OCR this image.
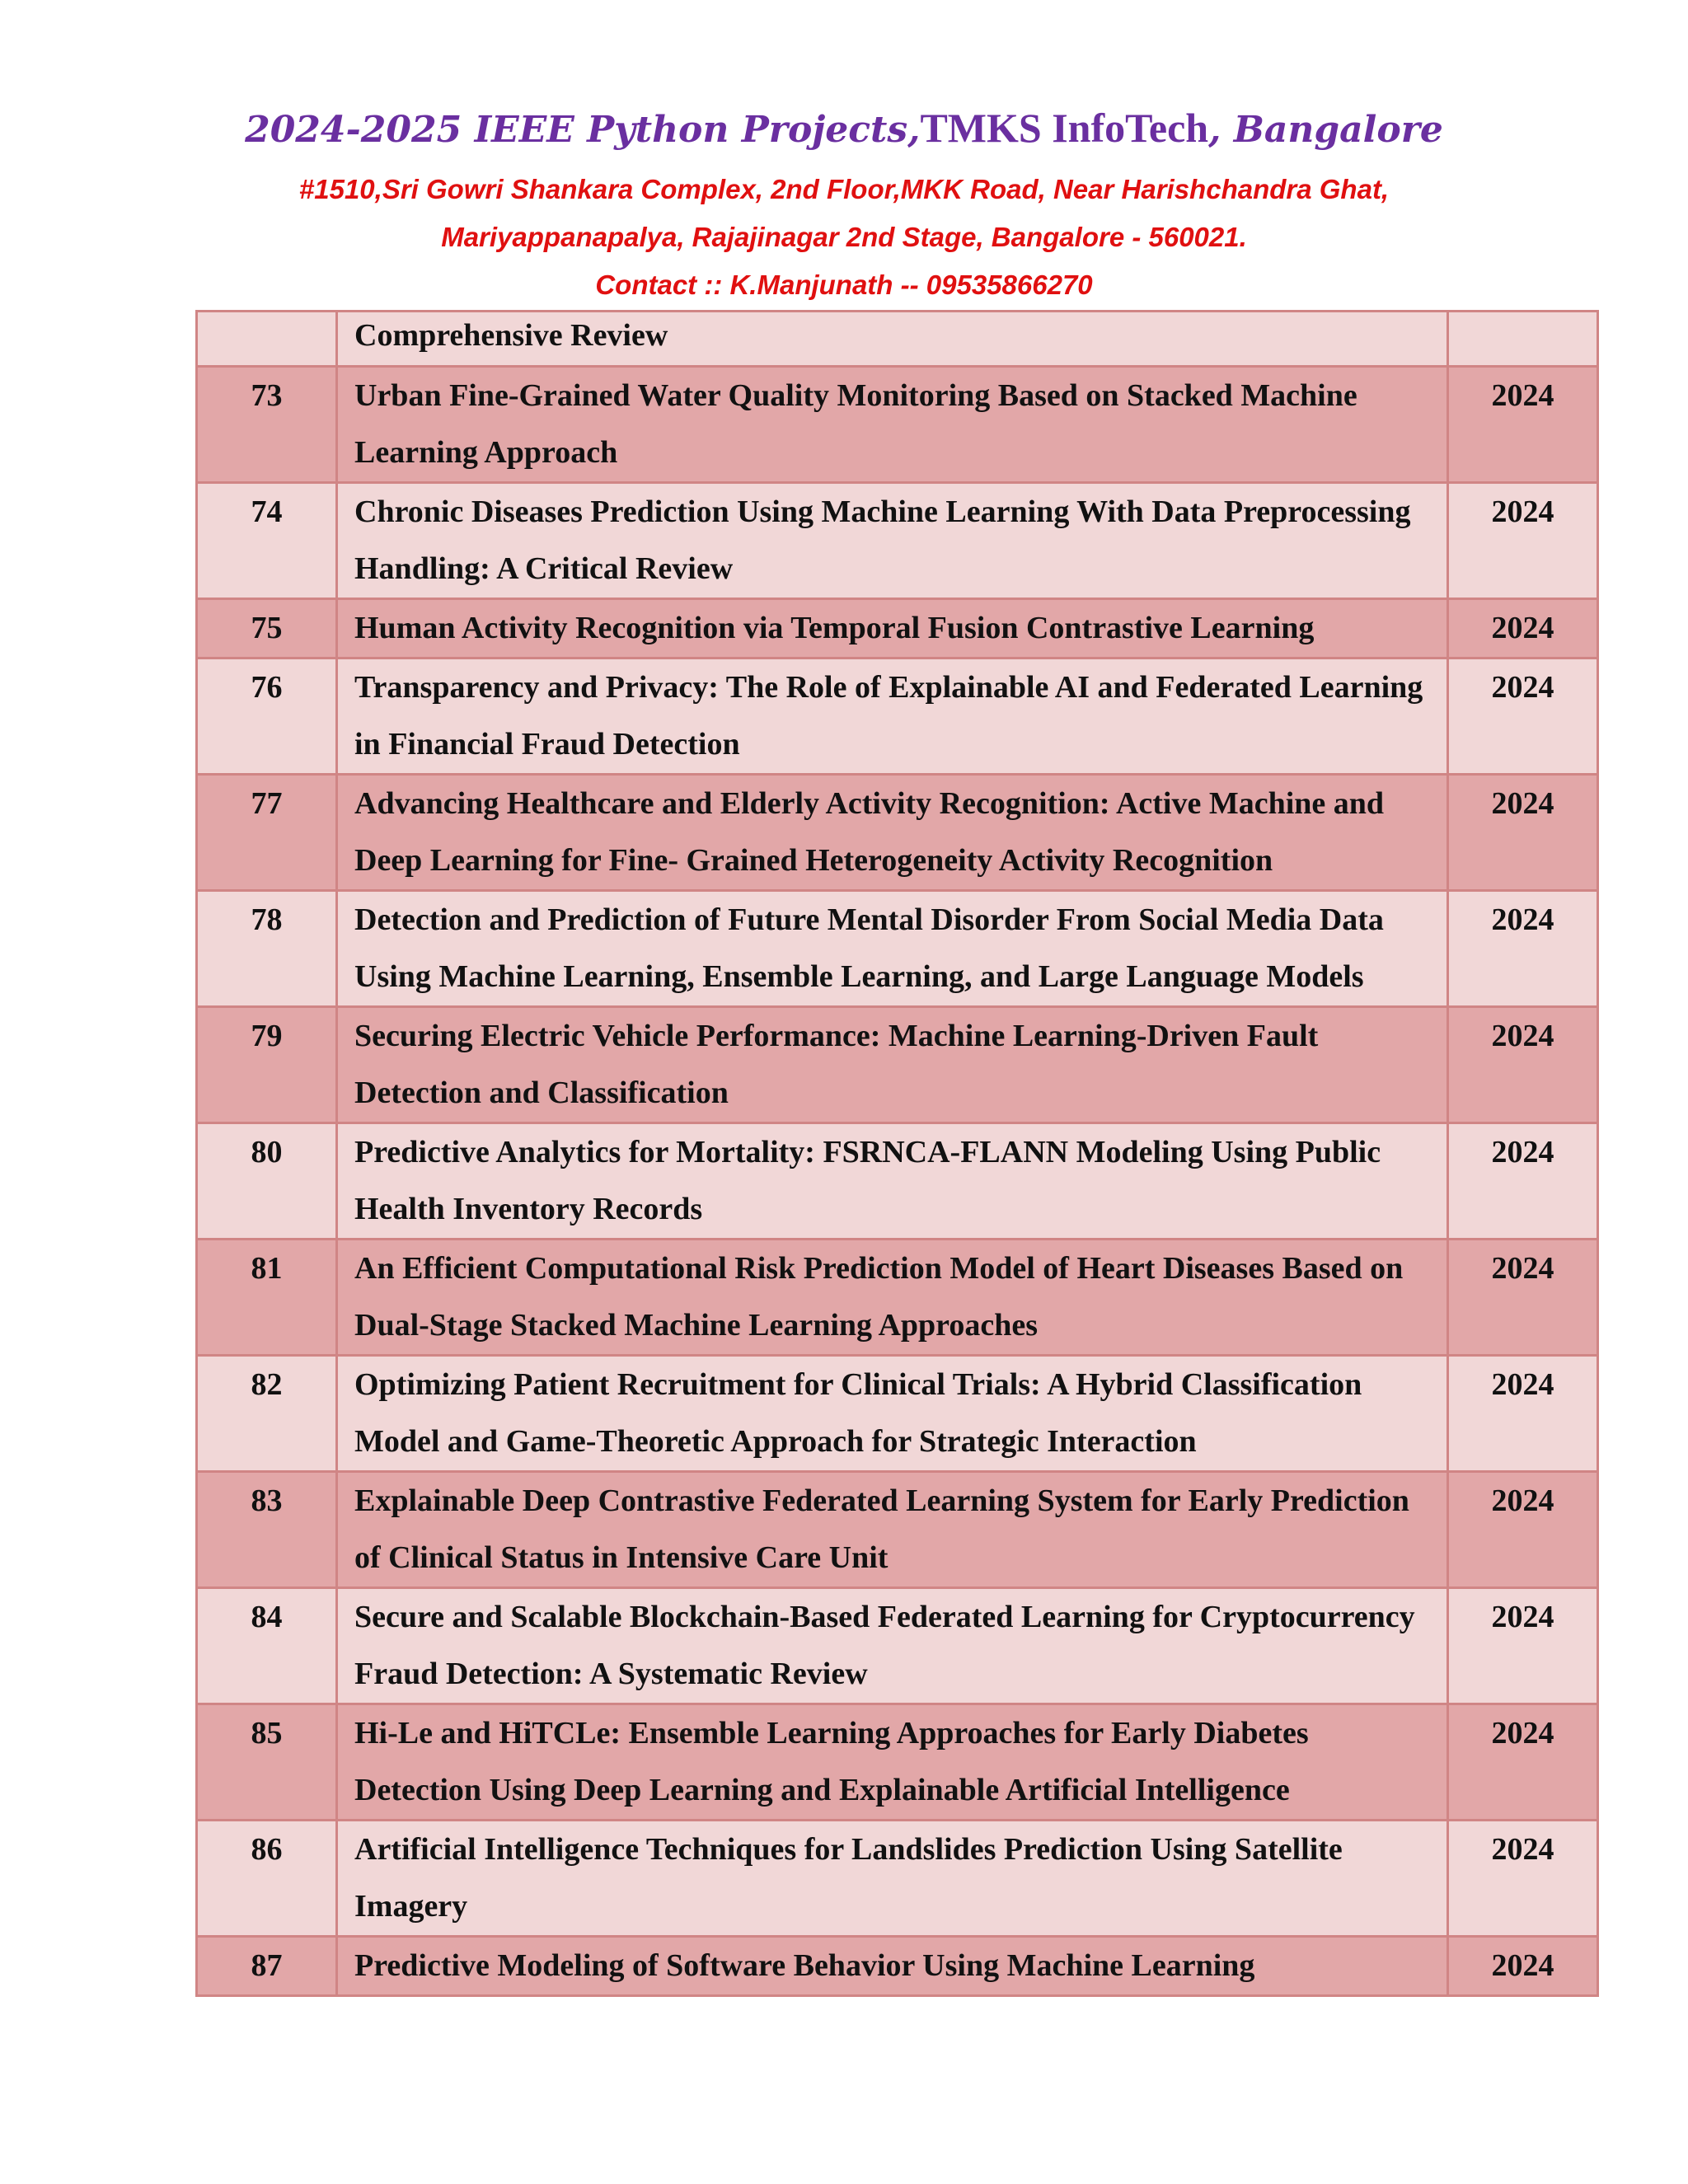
2024-2025 IEEE Python Projects,TMKS InfoTech, Bangalore

#1510,Sri Gowri Shankara Complex, 2nd Floor,MKK Road, Near Harishchandra Ghat,

Mariyappanapalya, Rajajinagar 2nd Stage, Bangalore - 560021.

Contact :: K.Manjunath -- 09535866270

	Comprehensive Review	
73	Urban Fine-Grained Water Quality Monitoring Based on Stacked Machine Learning Approach	2024
74	Chronic Diseases Prediction Using Machine Learning With Data Preprocessing Handling: A Critical Review	2024
75	Human Activity Recognition via Temporal Fusion Contrastive Learning	2024
76	Transparency and Privacy: The Role of Explainable AI and Federated Learning in Financial Fraud Detection	2024
77	Advancing Healthcare and Elderly Activity Recognition: Active Machine and Deep Learning for Fine- Grained Heterogeneity Activity Recognition	2024
78	Detection and Prediction of Future Mental Disorder From Social Media Data Using Machine Learning, Ensemble Learning, and Large Language Models	2024
79	Securing Electric Vehicle Performance: Machine Learning-Driven Fault Detection and Classification	2024
80	Predictive Analytics for Mortality: FSRNCA-FLANN Modeling Using Public Health Inventory Records	2024
81	An Efficient Computational Risk Prediction Model of Heart Diseases Based on Dual-Stage Stacked Machine Learning Approaches	2024
82	Optimizing Patient Recruitment for Clinical Trials: A Hybrid Classification Model and Game-Theoretic Approach for Strategic Interaction	2024
83	Explainable Deep Contrastive Federated Learning System for Early Prediction of Clinical Status in Intensive Care Unit	2024
84	Secure and Scalable Blockchain-Based Federated Learning for Cryptocurrency Fraud Detection: A Systematic Review	2024
85	Hi-Le and HiTCLe: Ensemble Learning Approaches for Early Diabetes Detection Using Deep Learning and Explainable Artificial Intelligence	2024
86	Artificial Intelligence Techniques for Landslides Prediction Using Satellite Imagery	2024
87	Predictive Modeling of Software Behavior Using Machine Learning	2024
